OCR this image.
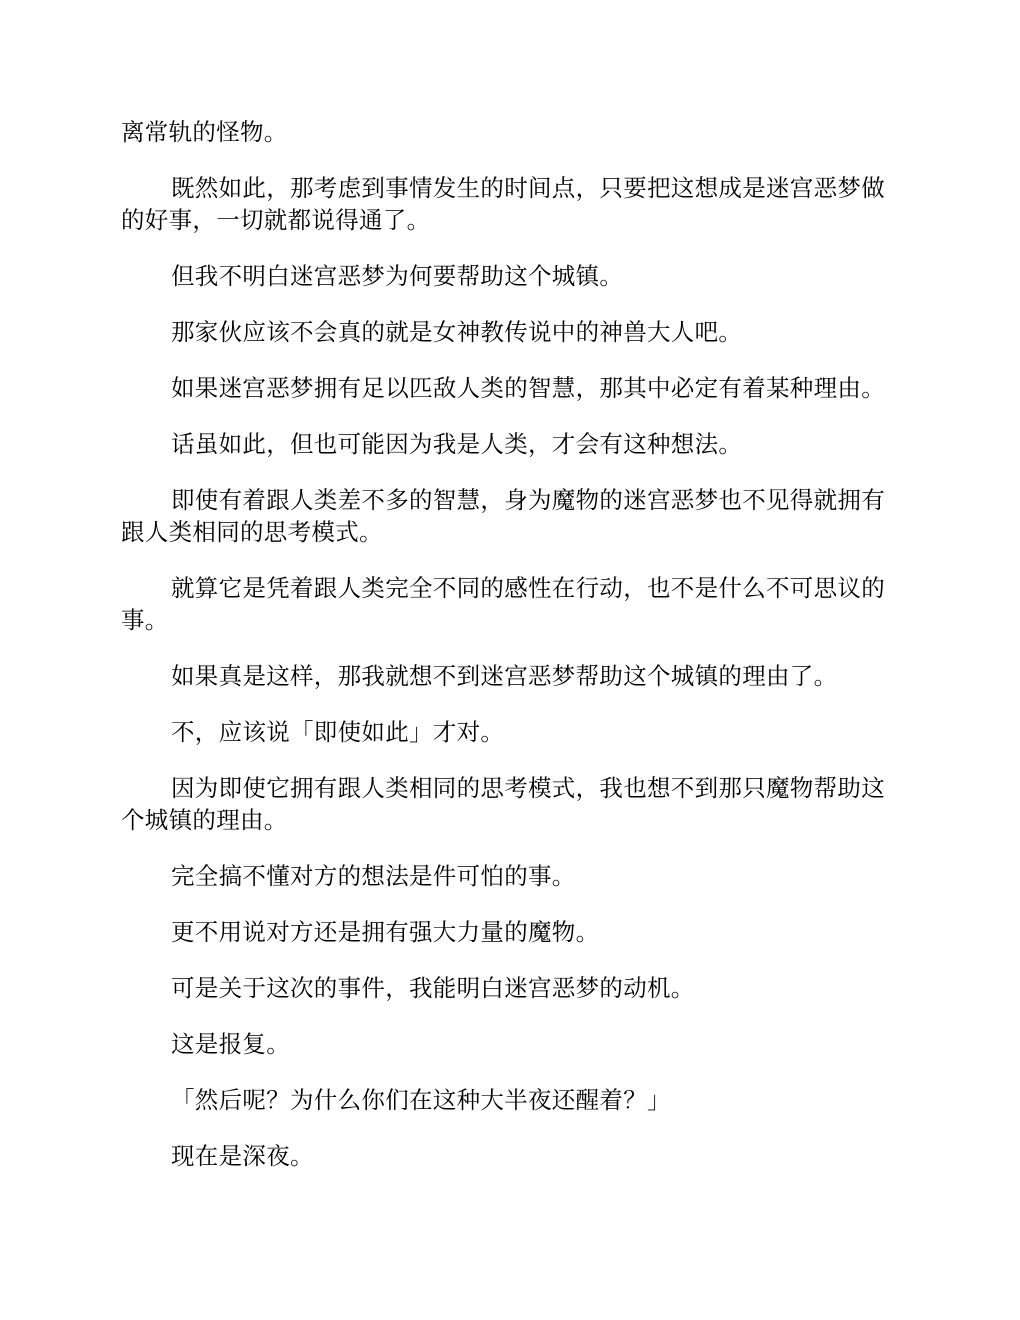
离常轨的怪物。

既然如此，那考虑到事情发生的时间点，只要把这想成是迷宫恶梦做的好事，一切就都说得通了。

但我不明白迷宫恶梦为何要帮助这个城镇。

那家伙应该不会真的就是女神教传说中的神兽大人吧。

如果迷宫恶梦拥有足以匹敌人类的智慧，那其中必定有着某种理由。

话虽如此，但也可能因为我是人类，才会有这种想法。

即使有着跟人类差不多的智慧，身为魔物的迷宫恶梦也不见得就拥有跟人类相同的思考模式。

就算它是凭着跟人类完全不同的感性在行动，也不是什么不可思议的事。

如果真是这样，那我就想不到迷宫恶梦帮助这个城镇的理由了。

不，应该说「即使如此」才对。

因为即使它拥有跟人类相同的思考模式，我也想不到那只魔物帮助这个城镇的理由。

完全搞不懂对方的想法是件可怕的事。

更不用说对方还是拥有强大力量的魔物。

可是关于这次的事件，我能明白迷宫恶梦的动机。

这是报复。

「然后呢？为什么你们在这种大半夜还醒着？」

现在是深夜。
